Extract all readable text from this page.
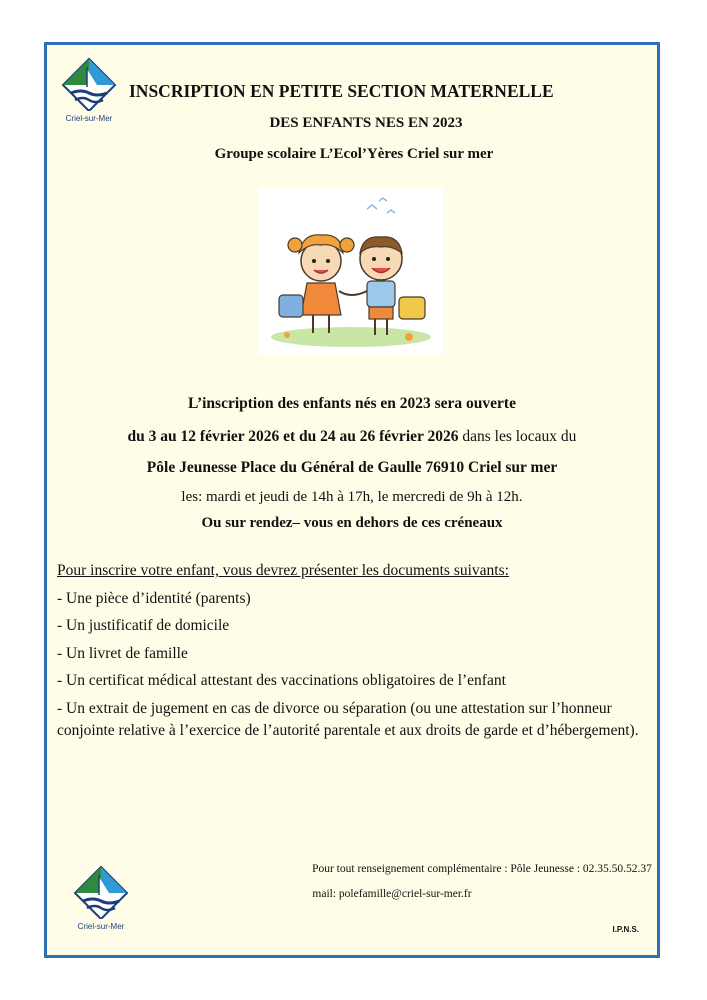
Criel-sur-Mer
INSCRIPTION EN PETITE SECTION MATERNELLE
DES ENFANTS NES EN 2023
Groupe scolaire L’Ecol’Yères Criel sur mer
L’inscription des enfants nés en 2023 sera ouverte
du 3 au 12 février 2026 et du 24 au 26 février 2026 dans les locaux du
Pôle Jeunesse Place du Général de Gaulle 76910 Criel sur mer
les: mardi et jeudi de 14h à 17h, le mercredi de 9h à 12h.
Ou sur rendez– vous en dehors de ces créneaux
Pour inscrire votre enfant, vous devrez présenter les documents suivants:
- Une pièce d’identité (parents)
- Un justificatif de domicile
- Un livret de famille
- Un certificat médical attestant des vaccinations obligatoires de l’enfant
- Un extrait de jugement en cas de divorce ou séparation (ou une attestation sur l’honneur conjointe relative à l’exercice de l’autorité parentale et aux droits de garde et d’hébergement).
Criel-sur-Mer
Pour tout renseignement complémentaire : Pôle Jeunesse : 02.35.50.52.37
mail: polefamille@criel-sur-mer.fr
I.P.N.S.
